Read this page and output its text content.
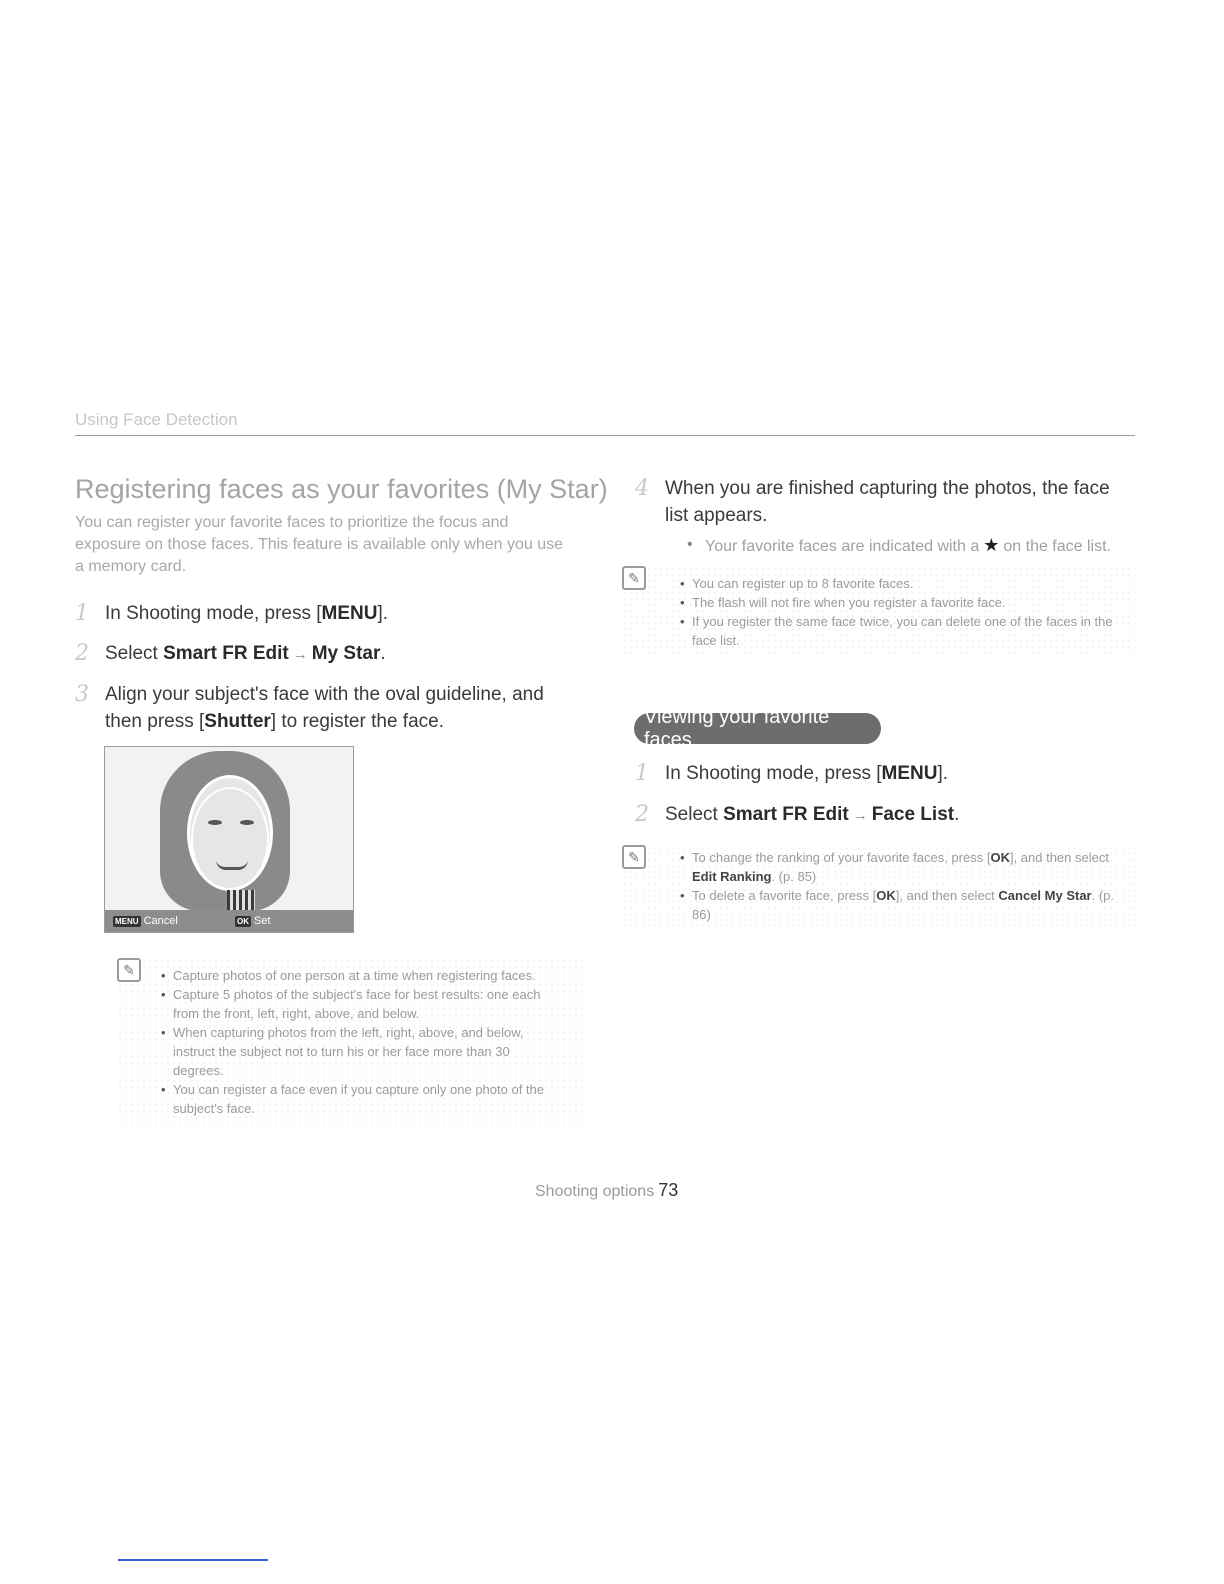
Using Face Detection
Registering faces as your favorites (My Star)

You can register your favorite faces to prioritize the focus and exposure on those faces. This feature is available only when you use a memory card.

1 In Shooting mode, press [MENU].
2 Select Smart FR Edit → My Star.
3 Align your subject's face with the oval guideline, and then press [Shutter] to register the face.
MENU Cancel	OK Set
✎	• Capture photos of one person at a time when registering faces.
• Capture 5 photos of the subject's face for best results: one each from the front, left, right, above, and below.
• When capturing photos from the left, right, above, and below, instruct the subject not to turn his or her face more than 30 degrees.
• You can register a face even if you capture only one photo of the subject's face.
4 When you are finished capturing the photos, the face list appears.
• Your favorite faces are indicated with a ★ on the face list.
✎	• You can register up to 8 favorite faces.
• The flash will not fire when you register a favorite face.
• If you register the same face twice, you can delete one of the faces in the face list.
Viewing your favorite faces
1 In Shooting mode, press [MENU].
2 Select Smart FR Edit → Face List.
✎	• To change the ranking of your favorite faces, press [OK], and then select Edit Ranking. (p. 85)
• To delete a favorite face, press [OK], and then select Cancel My Star. (p. 86)
Shooting options 73
